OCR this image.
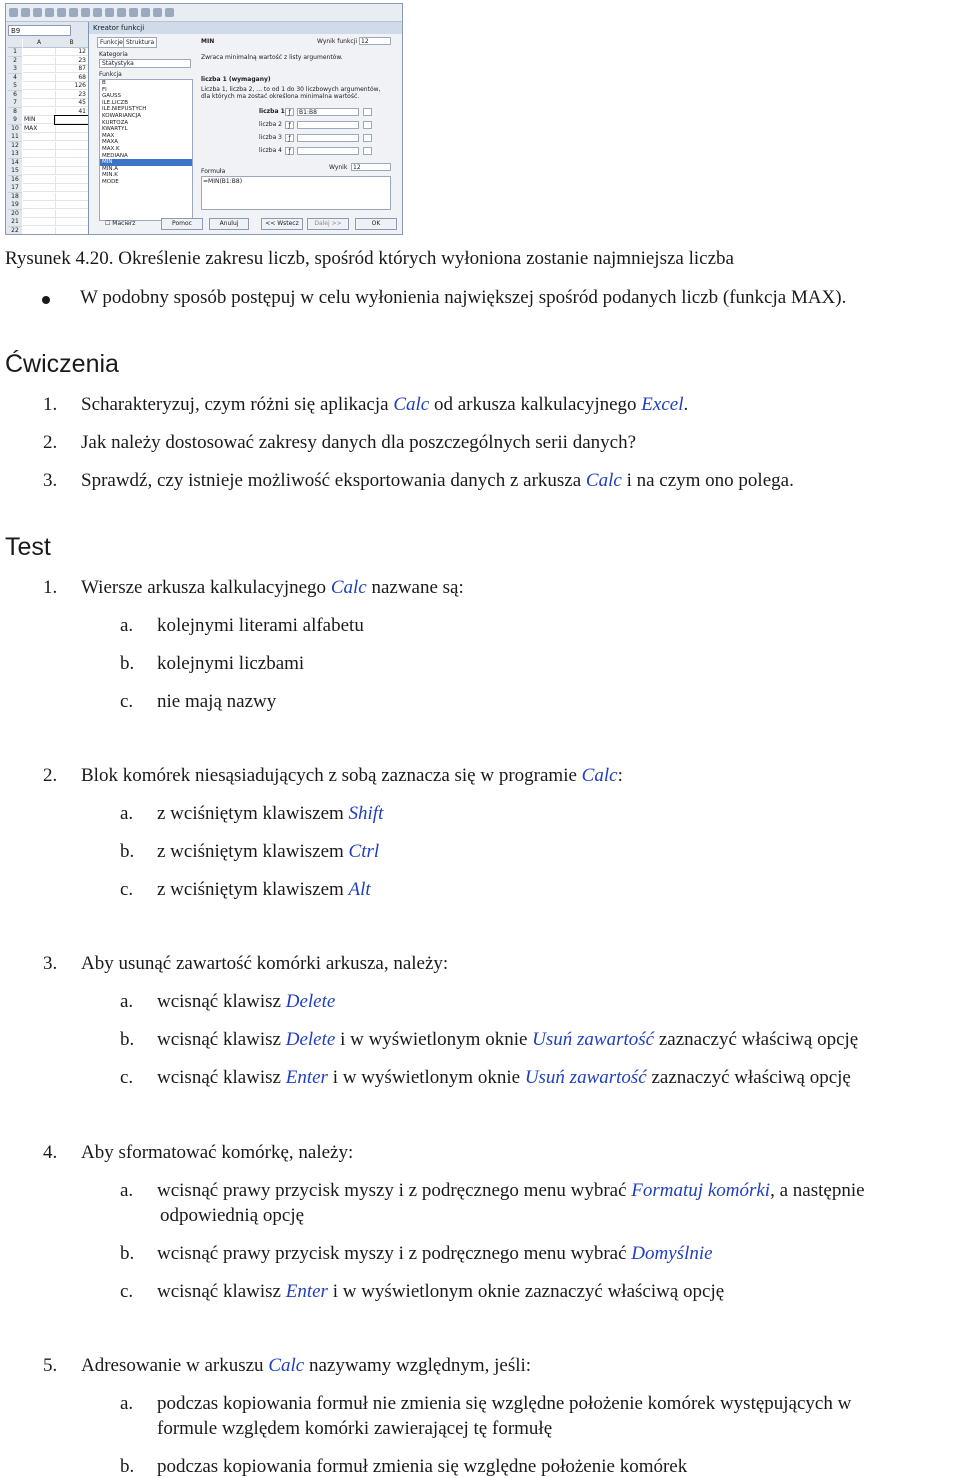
B9
A	B
1	12
2	23
3	87
4	68
5	126
6	23
7	45
8	41
9	MIN
10 MAX
11
12
13
14
15
16
17
18
19
20
21
22
Kreator funkcji
Funkcje Struktura
Kategoria
Statystyka
Funkcja
B
FI
GAUSS
ILE.LICZB
ILE.NIEPUSTYCH
KOWARIANCJA
KURTOZA
KWARTYL
MAX
MAXA
MAX.K
MEDIANA
MIN
MIN.A
MIN.K
MODE
MIN	Wynik funkcji 12
Zwraca minimalną wartość z listy argumentów.
liczba 1 (wymagany)
Liczba 1, liczba 2, ... to od 1 do 30 liczbowych argumentów, dla których ma zostać określona minimalna wartość.
Wynik 12
Formuła
=MIN(B1:B8)
☐ Macierz	Pomoc	Anuluj	<< Wstecz	Dalej >>	OK
liczba 1 ƒ	B1:B8
liczba 2	ƒ
liczba 3	ƒ
liczba 4	ƒ
Rysunek 4.20. Określenie zakresu liczb, spośród których wyłoniona zostanie najmniejsza liczba
W podobny sposób postępuj w celu wyłonienia największej spośród podanych liczb (funkcja MAX).
Ćwiczenia
1. Scharakteryzuj, czym różni się aplikacja Calc od arkusza kalkulacyjnego Excel.
2. Jak należy dostosować zakresy danych dla poszczególnych serii danych?
3. Sprawdź, czy istnieje możliwość eksportowania danych z arkusza Calc i na czym ono polega.
Test
1. Wiersze arkusza kalkulacyjnego Calc nazwane są:
a. kolejnymi literami alfabetu
b. kolejnymi liczbami
c. nie mają nazwy
2. Blok komórek niesąsiadujących z sobą zaznacza się w programie Calc:
a. z wciśniętym klawiszem Shift
b. z wciśniętym klawiszem Ctrl
c. z wciśniętym klawiszem Alt
3. Aby usunąć zawartość komórki arkusza, należy:
a. wcisnąć klawisz Delete
b. wcisnąć klawisz Delete i w wyświetlonym oknie Usuń zawartość zaznaczyć właściwą opcję
c. wcisnąć klawisz Enter i w wyświetlonym oknie Usuń zawartość zaznaczyć właściwą opcję
4. Aby sformatować komórkę, należy:
a. wcisnąć prawy przycisk myszy i z podręcznego menu wybrać Formatuj komórki, a następnie
odpowiednią opcję
b. wcisnąć prawy przycisk myszy i z podręcznego menu wybrać Domyślnie
c. wcisnąć klawisz Enter i w wyświetlonym oknie zaznaczyć właściwą opcję
5. Adresowanie w arkuszu Calc nazywamy względnym, jeśli:
a. podczas kopiowania formuł nie zmienia się względne położenie komórek występujących w
formule względem komórki zawierającej tę formułę
b. podczas kopiowania formuł zmienia się względne położenie komórek
